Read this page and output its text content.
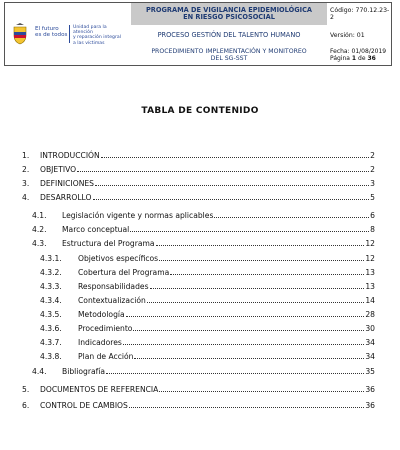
El futuro
es de todos
Unidad para la atención
y reparación integral
a las víctimas
PROGRAMA DE VIGILANCIA EPIDEMIOLÓGICA
EN RIESGO PSICOSOCIAL
PROCESO GESTIÓN DEL TALENTO HUMANO
PROCEDIMIENTO IMPLEMENTACIÓN Y MONITOREO
DEL SG-SST
Código: 770.12.23-2
Versión: 01
Fecha: 01/08/2019
Página 1 de 36
TABLA DE CONTENIDO
1. INTRODUCCIÓN	2
2. OBJETIVO	2
3. DEFINICIONES	3
4. DESARROLLO	5
4.1. Legislación vigente y normas aplicables	6
4.2. Marco conceptual	8
4.3. Estructura del Programa	12
4.3.1. Objetivos específicos	12
4.3.2. Cobertura del Programa	13
4.3.3. Responsabilidades	13
4.3.4. Contextualización	14
4.3.5. Metodología	28
4.3.6. Procedimiento	30
4.3.7. Indicadores	34
4.3.8. Plan de Acción	34
4.4. Bibliografía	35
5. DOCUMENTOS DE REFERENCIA	36
6. CONTROL DE CAMBIOS	36
